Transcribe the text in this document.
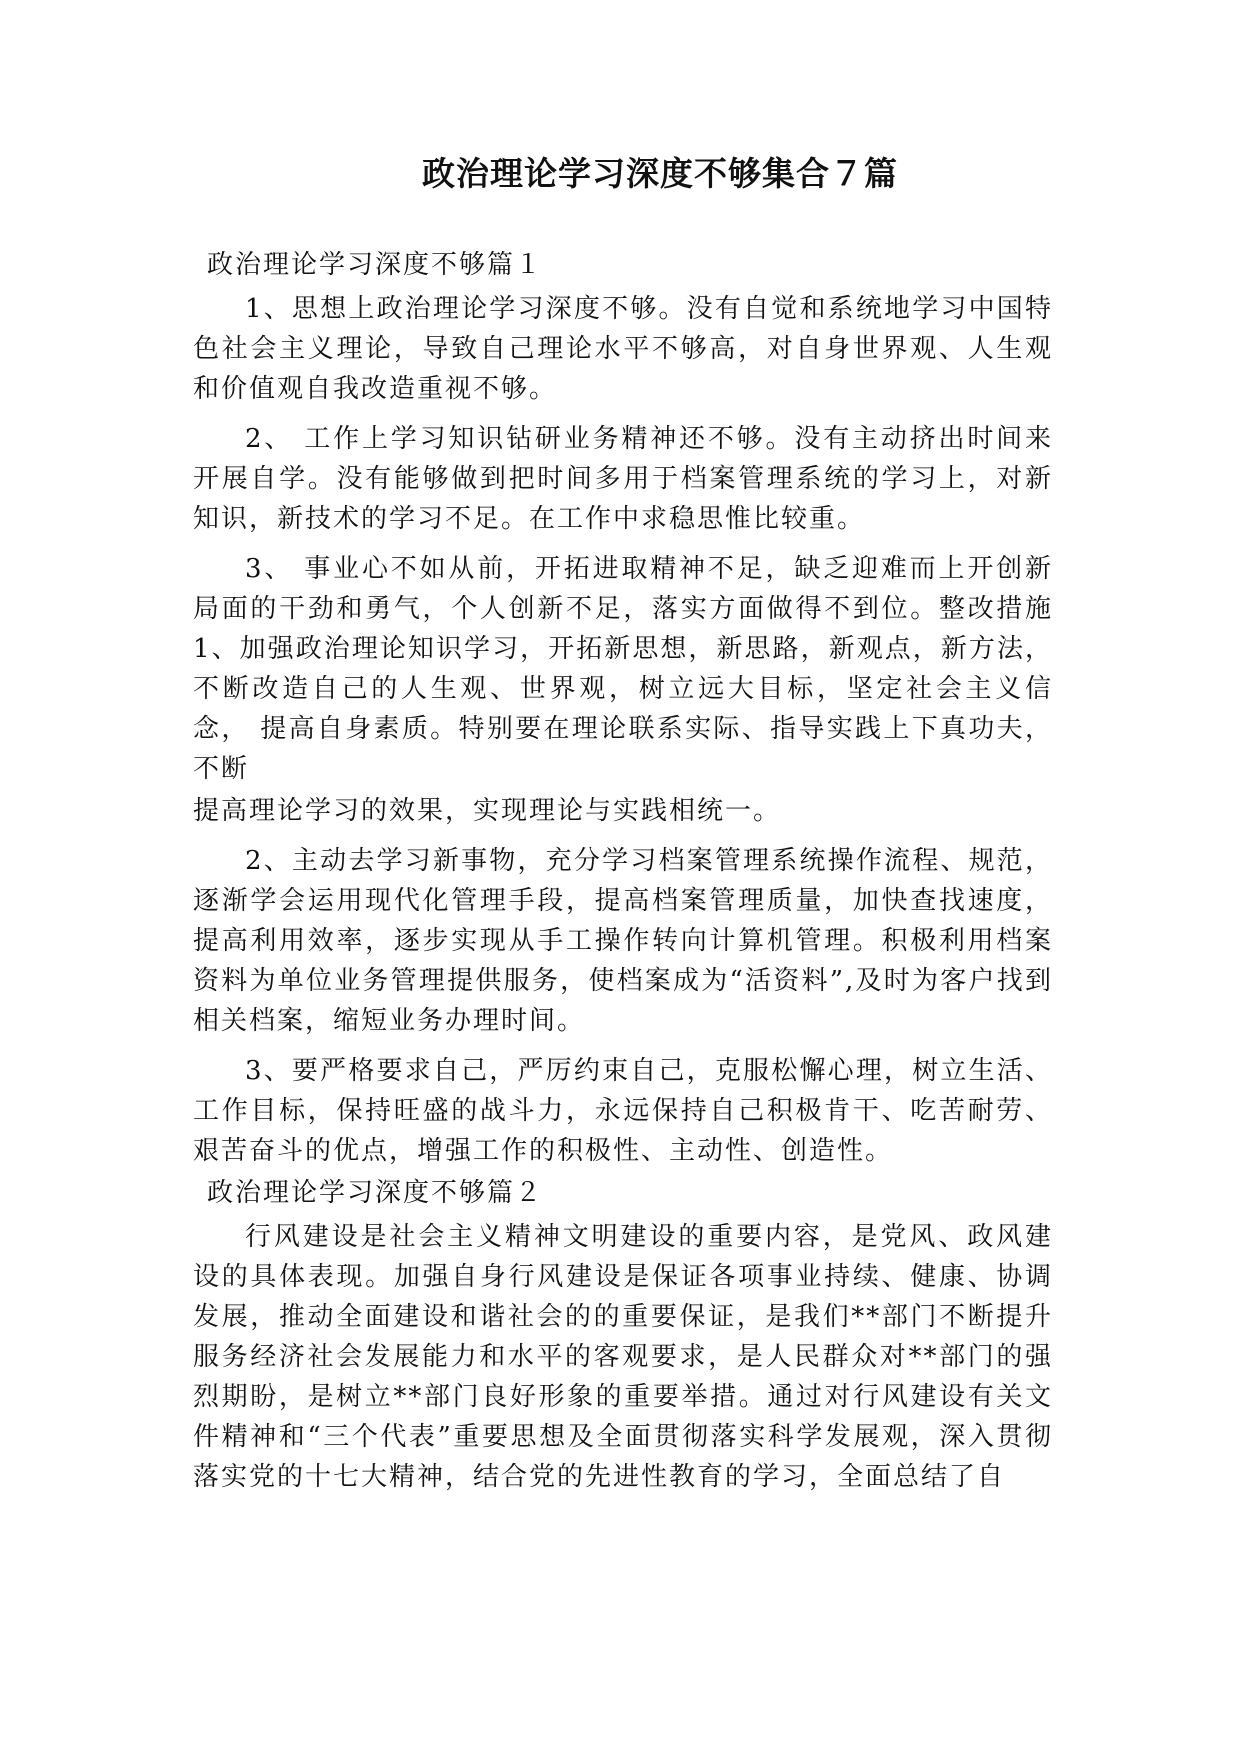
政治理论学习深度不够集合７篇

政治理论学习深度不够篇１

1、思想上政治理论学习深度不够。没有自觉和系统地学习中国特色社会主义理论，导致自己理论水平不够高，对自身世界观、人生观和价值观自我改造重视不够。

2、 工作上学习知识钻研业务精神还不够。没有主动挤出时间来 开展自学。没有能够做到把时间多用于档案管理系统的学习上，对新 知识，新技术的学习不足。在工作中求稳思惟比较重。

3、 事业心不如从前，开拓进取精神不足，缺乏迎难而上开创新 局面的干劲和勇气，个人创新不足，落实方面做得不到位。整改措施 1、加强政治理论知识学习，开拓新思想，新思路，新观点，新方法， 不断改造自己的人生观、世界观，树立远大目标，坚定社会主义信念， 提高自身素质。特别要在理论联系实际、指导实践上下真功夫，不断

提高理论学习的效果，实现理论与实践相统一。

2、主动去学习新事物，充分学习档案管理系统操作流程、规范，逐渐学会运用现代化管理手段，提高档案管理质量，加快查找速度，提高利用效率，逐步实现从手工操作转向计算机管理。积极利用档案资料为单位业务管理提供服务，使档案成为“活资料”,及时为客户找到相关档案，缩短业务办理时间。

3、要严格要求自己，严厉约束自己，克服松懈心理，树立生活、工作目标，保持旺盛的战斗力，永远保持自己积极肯干、吃苦耐劳、艰苦奋斗的优点，增强工作的积极性、主动性、创造性。

政治理论学习深度不够篇２

行风建设是社会主义精神文明建设的重要内容，是党风、政风建设的具体表现。加强自身行风建设是保证各项事业持续、健康、协调发展，推动全面建设和谐社会的的重要保证，是我们**部门不断提升服务经济社会发展能力和水平的客观要求，是人民群众对**部门的强烈期盼，是树立**部门良好形象的重要举措。通过对行风建设有关文件精神和“三个代表”重要思想及全面贯彻落实科学发展观，深入贯彻落实党的十七大精神，结合党的先进性教育的学习，全面总结了自
